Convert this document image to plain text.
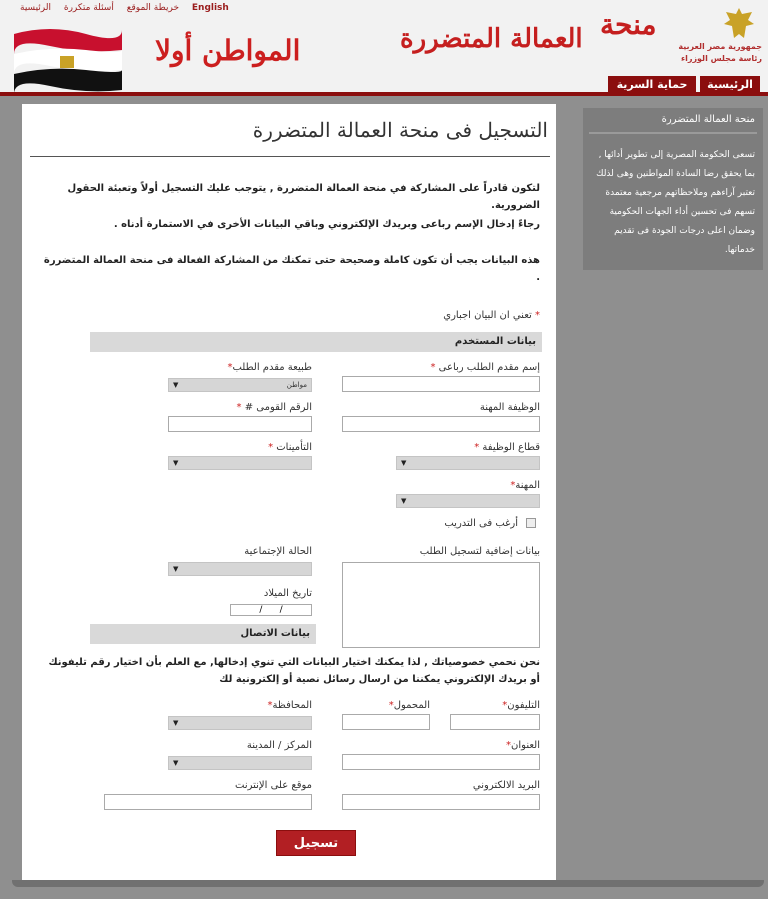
خريطة الموقع أسئلة متكررة الرئيسية	English
المواطن أولا	العمالة المتضررة منحة
جمهورية مصر العربية
رئاسة مجلس الوزراء
الرئيسية
حماية السرية
منحة العمالة المتضررة
تسعى الحكومة المصرية إلى تطوير أدائها , بما يحقق رضا السادة المواطنين وهى لذلك تعتبر آراءهم وملاحظاتهم مرجعية معتمدة تسهم فى تحسين أداء الجهات الحكومية وضمان اعلى درجات الجودة فى تقديم خدماتها.
التسجيل فى منحة العمالة المتضررة
لتكون قادراً على المشاركة في منحة العمالة المتضررة , يتوجب عليك التسجيل أولاً وتعبئة الحقول الضرورية.
رجاءً إدخال الإسم رباعى وبريدك الإلكتروني وباقي البيانات الأخرى في الاستمارة أدناه .
هذه البيانات يجب أن تكون كاملة وصحيحة حتى تمكنك من المشاركة الفعالة فى منحة العمالة المتضررة .
* تعني ان البيان اجباري
بيانات المستخدم
إسم مقدم الطلب رباعى *
طبيعة مقدم الطلب*
▼	مواطن
الوظيفة المهنة
الرقم القومى # *
قطاع الوظيفة *
▼
التأمينات *
▼
المهنة*
▼
أرغب فى التدريب
بيانات إضافية لتسجيل الطلب
الحالة الإجتماعية
▼
تاريخ الميلاد
/ /
بيانات الاتصال
نحن نحمي خصوصياتك , لذا يمكنك اختيار البيانات التي تنوي إدخالها, مع العلم بأن اختيار رقم تليفونك أو بريدك الإلكتروني يمكننا من ارسال رسائل نصية أو إلكترونية لك
التليفون*
المحمول*
المحافظة*
▼
العنوان*
المركز / المدينة
▼
البريد الالكتروني
موقع على الإنترنت
تسجيل
